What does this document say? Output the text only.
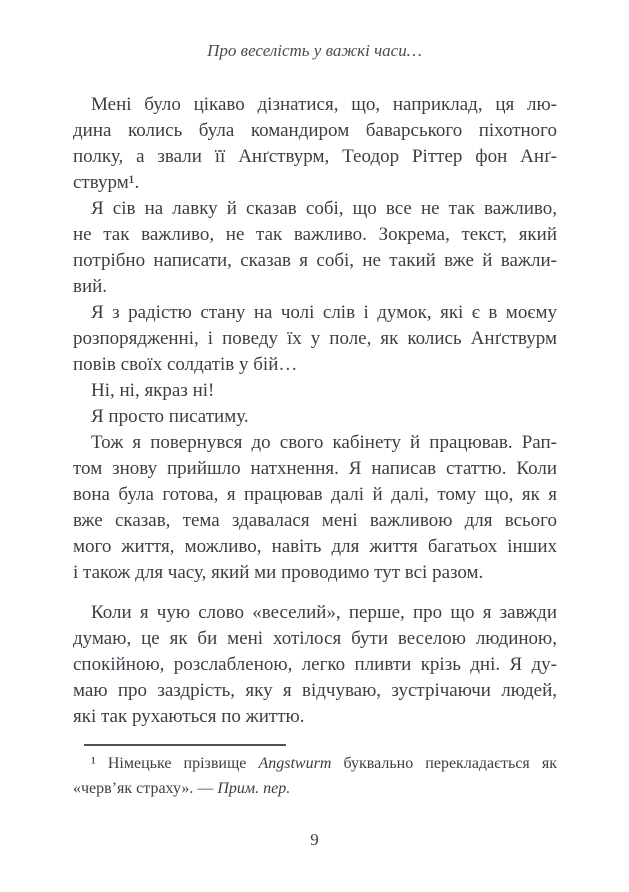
Про веселість у важкі часи…
Мені було цікаво дізнатися, що, наприклад, ця лю-
дина колись була командиром баварського піхотного
полку, а звали її Анґствурм, Теодор Ріттер фон Анґ-
ствурм¹.
Я сів на лавку й сказав собі, що все не так важливо,
не так важливо, не так важливо. Зокрема, текст, який
потрібно написати, сказав я собі, не такий вже й важли-
вий.
Я з радістю стану на чолі слів і думок, які є в моєму
розпорядженні, і поведу їх у поле, як колись Анґствурм
повів своїх солдатів у бій…
Ні, ні, якраз ні!
Я просто писатиму.
Тож я повернувся до свого кабінету й працював. Рап-
том знову прийшло натхнення. Я написав статтю. Коли
вона була готова, я працював далі й далі, тому що, як я
вже сказав, тема здавалася мені важливою для всього
мого життя, можливо, навіть для життя багатьох інших
і також для часу, який ми проводимо тут всі разом.
Коли я чую слово «веселий», перше, про що я завжди
думаю, це як би мені хотілося бути веселою людиною,
спокійною, розслабленою, легко пливти крізь дні. Я ду-
маю про заздрість, яку я відчуваю, зустрічаючи людей,
які так рухаються по життю.
¹ Німецьке прізвище Angstwurm буквально перекладається як
«черв’як страху». — Прим. пер.
9
